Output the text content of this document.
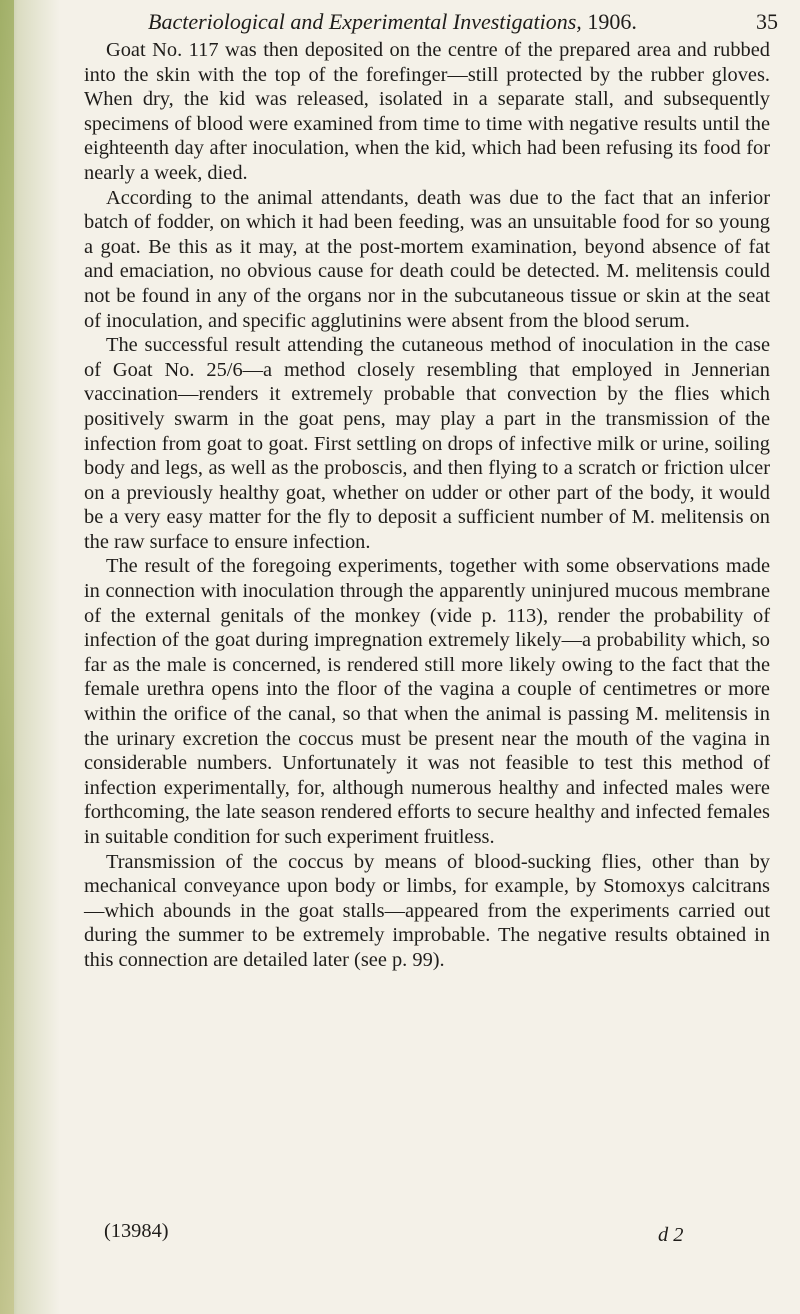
Bacteriological and Experimental Investigations, 1906.	35

Goat No. 117 was then deposited on the centre of the prepared area and rubbed into the skin with the top of the forefinger—still protected by the rubber gloves. When dry, the kid was released, isolated in a separate stall, and subsequently specimens of blood were examined from time to time with negative results until the eighteenth day after inoculation, when the kid, which had been refusing its food for nearly a week, died.

According to the animal attendants, death was due to the fact that an inferior batch of fodder, on which it had been feeding, was an unsuitable food for so young a goat. Be this as it may, at the post-mortem examination, beyond absence of fat and emaciation, no obvious cause for death could be detected. M. melitensis could not be found in any of the organs nor in the subcutaneous tissue or skin at the seat of inoculation, and specific agglutinins were absent from the blood serum.

The successful result attending the cutaneous method of inoculation in the case of Goat No. 25/6—a method closely resembling that employed in Jennerian vaccination—renders it extremely probable that convection by the flies which positively swarm in the goat pens, may play a part in the transmission of the infection from goat to goat. First settling on drops of infective milk or urine, soiling body and legs, as well as the proboscis, and then flying to a scratch or friction ulcer on a previously healthy goat, whether on udder or other part of the body, it would be a very easy matter for the fly to deposit a sufficient number of M. melitensis on the raw surface to ensure infection.

The result of the foregoing experiments, together with some observations made in connection with inoculation through the apparently uninjured mucous membrane of the external genitals of the monkey (vide p. 113), render the probability of infection of the goat during impregnation extremely likely—a probability which, so far as the male is concerned, is rendered still more likely owing to the fact that the female urethra opens into the floor of the vagina a couple of centimetres or more within the orifice of the canal, so that when the animal is passing M. melitensis in the urinary excretion the coccus must be present near the mouth of the vagina in considerable numbers. Unfortunately it was not feasible to test this method of infection experimentally, for, although numerous healthy and infected males were forthcoming, the late season rendered efforts to secure healthy and infected females in suitable condition for such experiment fruitless.

Transmission of the coccus by means of blood-sucking flies, other than by mechanical conveyance upon body or limbs, for example, by Stomoxys calcitrans—which abounds in the goat stalls—appeared from the experiments carried out during the summer to be extremely improbable. The negative results obtained in this connection are detailed later (see p. 99).

(13984)	d 2
